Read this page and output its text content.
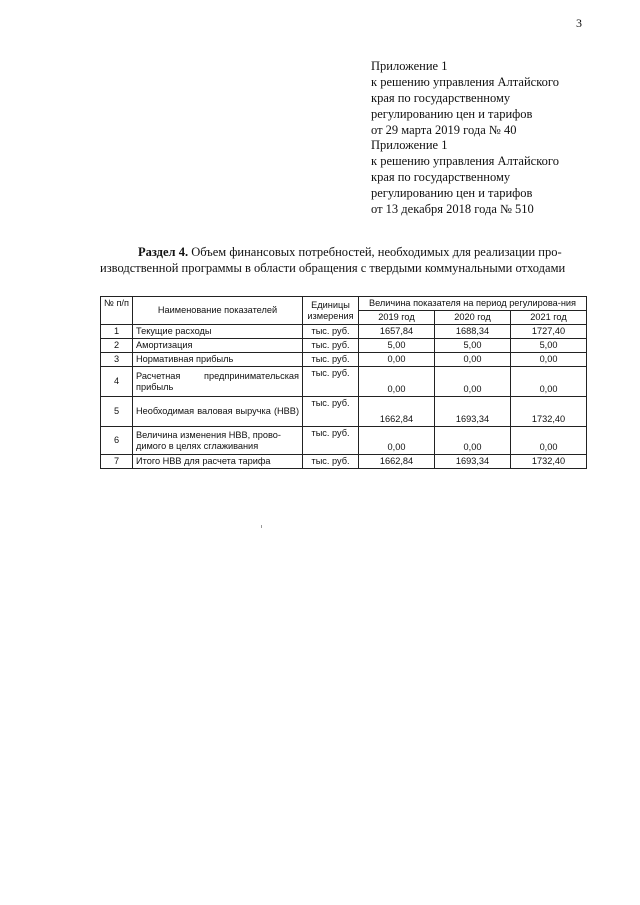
3
Приложение 1
к решению управления Алтайского
края по государственному
регулированию цен и тарифов
от 29 марта 2019 года № 40
Приложение 1
к решению управления Алтайского
края по государственному
регулированию цен и тарифов
от 13 декабря 2018 года № 510
Раздел 4. Объем финансовых потребностей, необходимых для реализации про-
изводственной программы в области обращения с твердыми коммунальными отходами
№ п/п	Наименование показателей	Единицы измерения	Величина показателя на период регулирова-ния		
			2019 год	2020 год	2021 год
1	Текущие расходы	тыс. руб.	1657,84	1688,34	1727,40
2	Амортизация	тыс. руб.	5,00	5,00	5,00
3	Нормативная прибыль	тыс. руб.	0,00	0,00	0,00
4	Расчетная предпринимательская прибыль	тыс. руб.	0,00	0,00	0,00
5	Необходимая валовая выручка (НВВ)	тыс. руб.	1662,84	1693,34	1732,40
6	Величина изменения НВВ, прово-димого в целях сглаживания	тыс. руб.	0,00	0,00	0,00
7	Итого НВВ для расчета тарифа	тыс. руб.	1662,84	1693,34	1732,40
